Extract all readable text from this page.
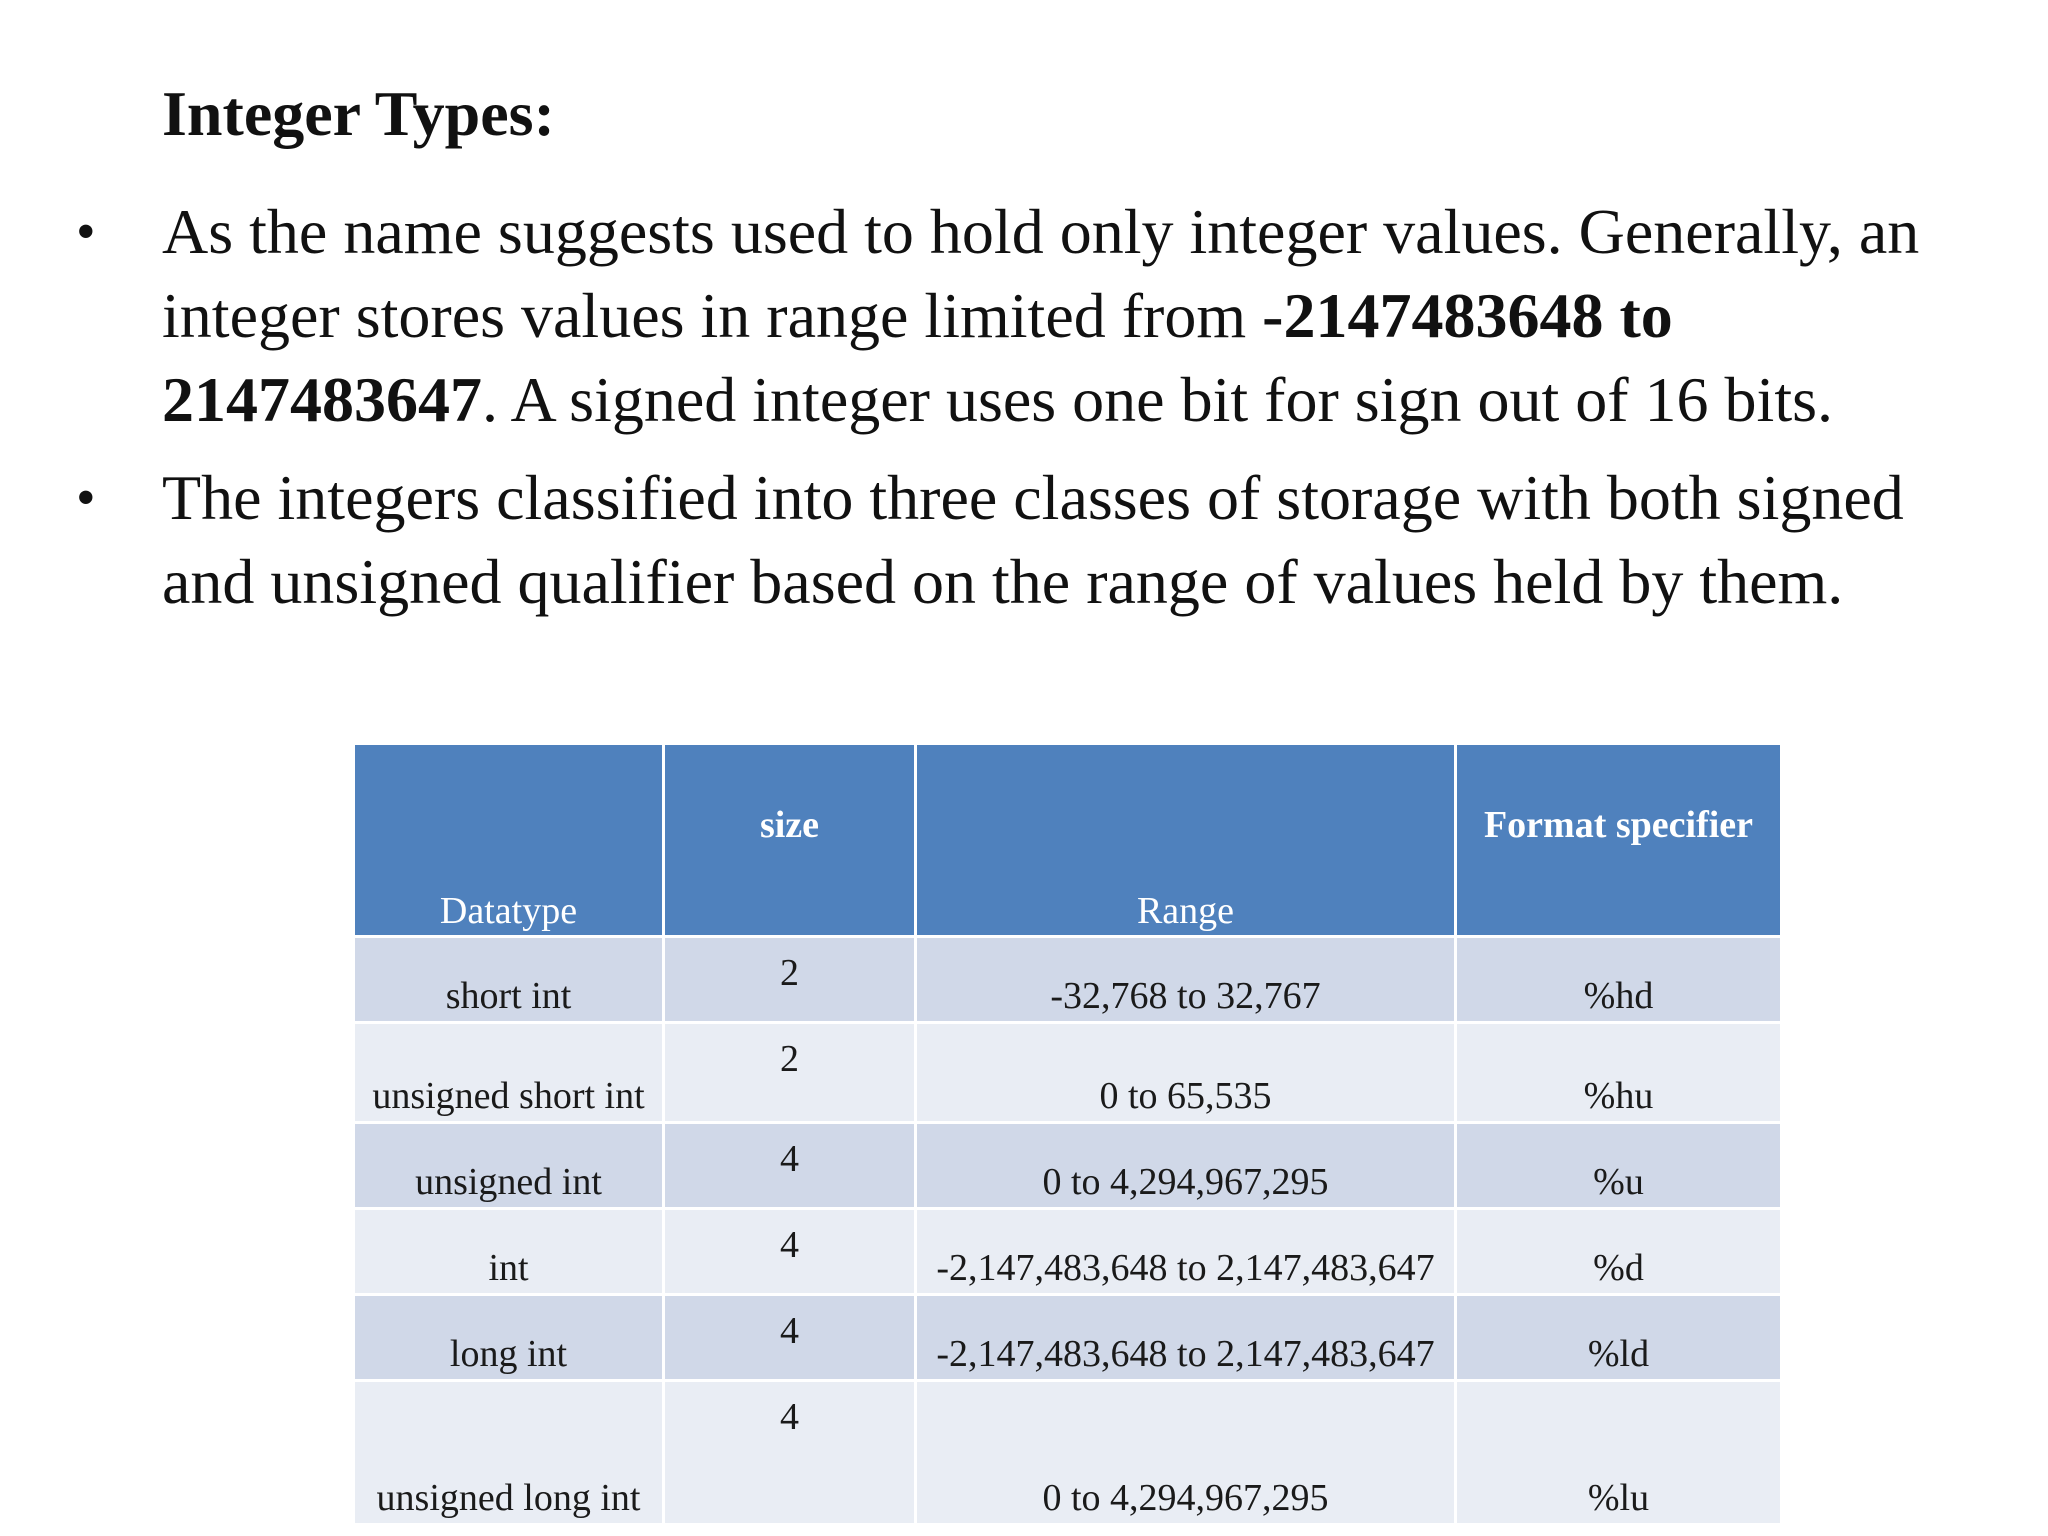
Integer Types:
• As the name suggests used to hold only integer values. Generally, an integer stores values in range limited from -2147483648 to 2147483647. A signed integer uses one bit for sign out of 16 bits.
• The integers classified into three classes of storage with both signed and unsigned qualifier based on the range of values held by them.
Datatype	size	Range	Format specifier
short int	2	-32,768 to 32,767	%hd
unsigned short int	2	0 to 65,535	%hu
unsigned int	4	0 to 4,294,967,295	%u
int	4	-2,147,483,648 to 2,147,483,647	%d
long int	4	-2,147,483,648 to 2,147,483,647	%ld
unsigned long int	4	0 to 4,294,967,295	%lu
